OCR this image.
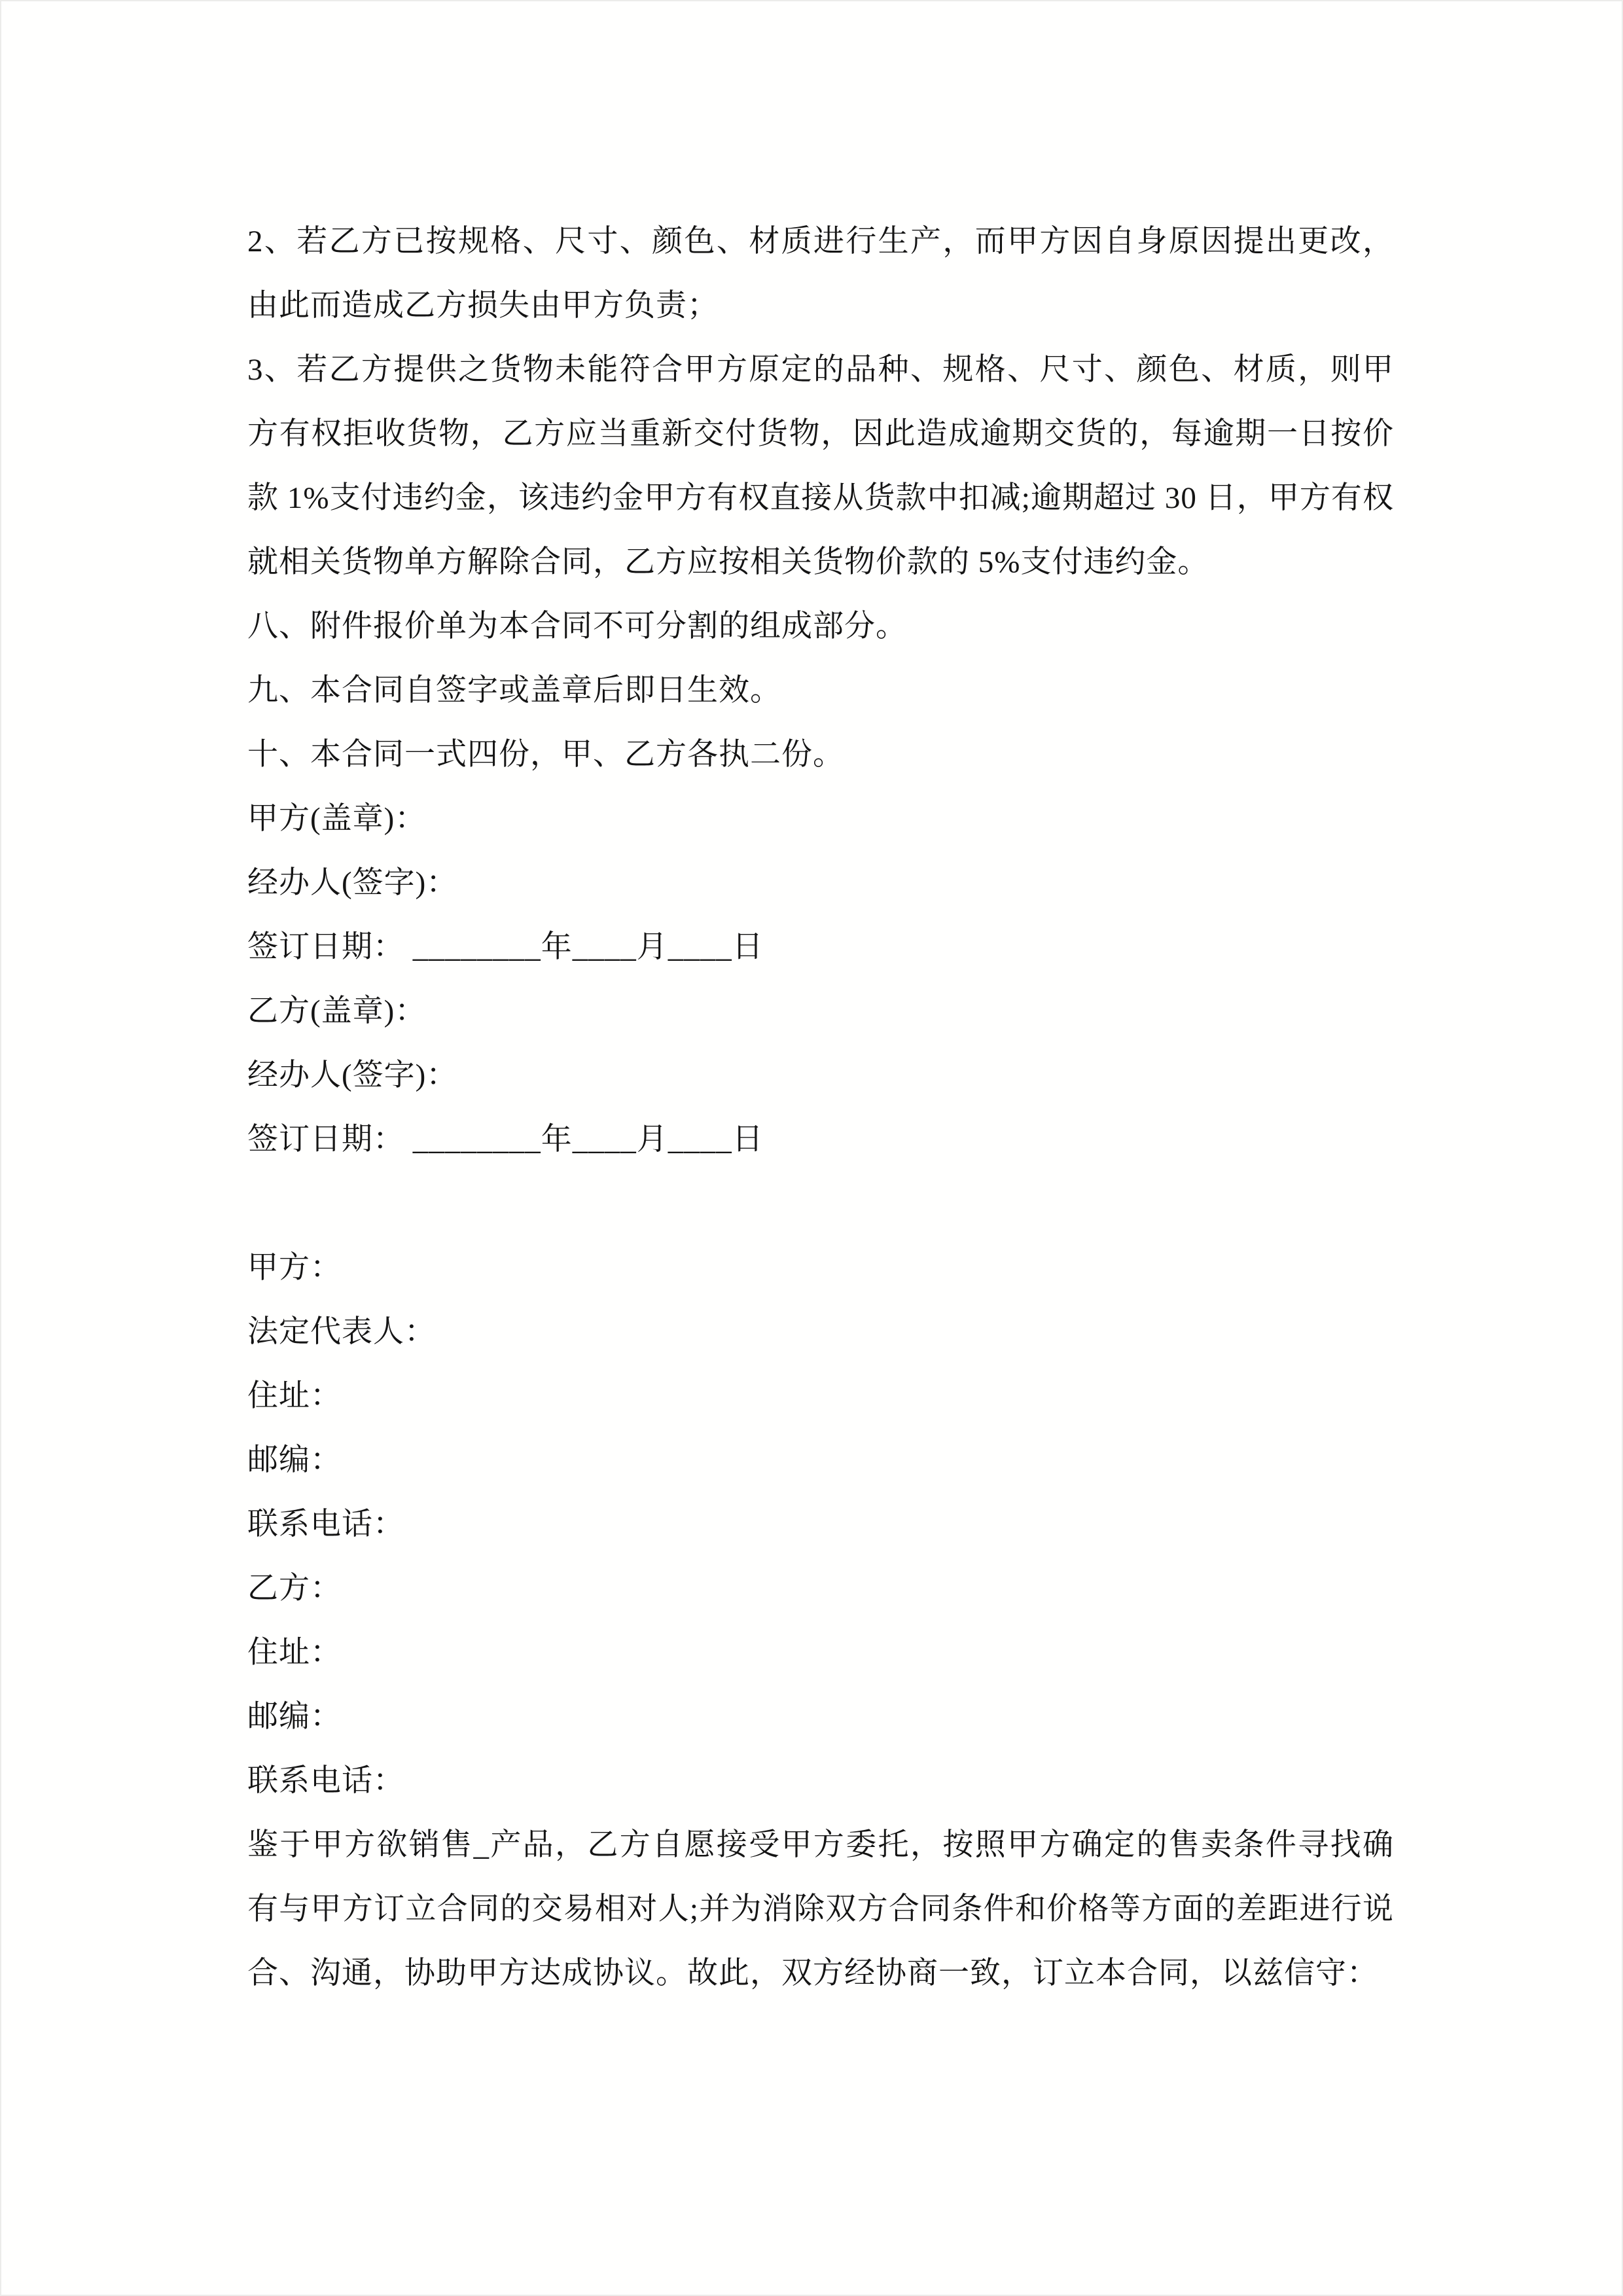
2、若乙方已按规格、尺寸、颜色、材质进行生产，而甲方因自身原因提出更改，由此而造成乙方损失由甲方负责；

3、若乙方提供之货物未能符合甲方原定的品种、规格、尺寸、颜色、材质，则甲方有权拒收货物，乙方应当重新交付货物，因此造成逾期交货的，每逾期一日按价款 1%支付违约金，该违约金甲方有权直接从货款中扣减;逾期超过 30 日，甲方有权就相关货物单方解除合同，乙方应按相关货物价款的 5%支付违约金。

八、附件报价单为本合同不可分割的组成部分。

九、本合同自签字或盖章后即日生效。

十、本合同一式四份，甲、乙方各执二份。

甲方(盖章)：

经办人(签字)：

签订日期： ________年____月____日

乙方(盖章)：

经办人(签字)：

签订日期： ________年____月____日

甲方：

法定代表人：

住址：

邮编：

联系电话：

乙方：

住址：

邮编：

联系电话：

鉴于甲方欲销售_产品，乙方自愿接受甲方委托，按照甲方确定的售卖条件寻找确有与甲方订立合同的交易相对人;并为消除双方合同条件和价格等方面的差距进行说合、沟通，协助甲方达成协议。故此，双方经协商一致，订立本合同，以兹信守：
